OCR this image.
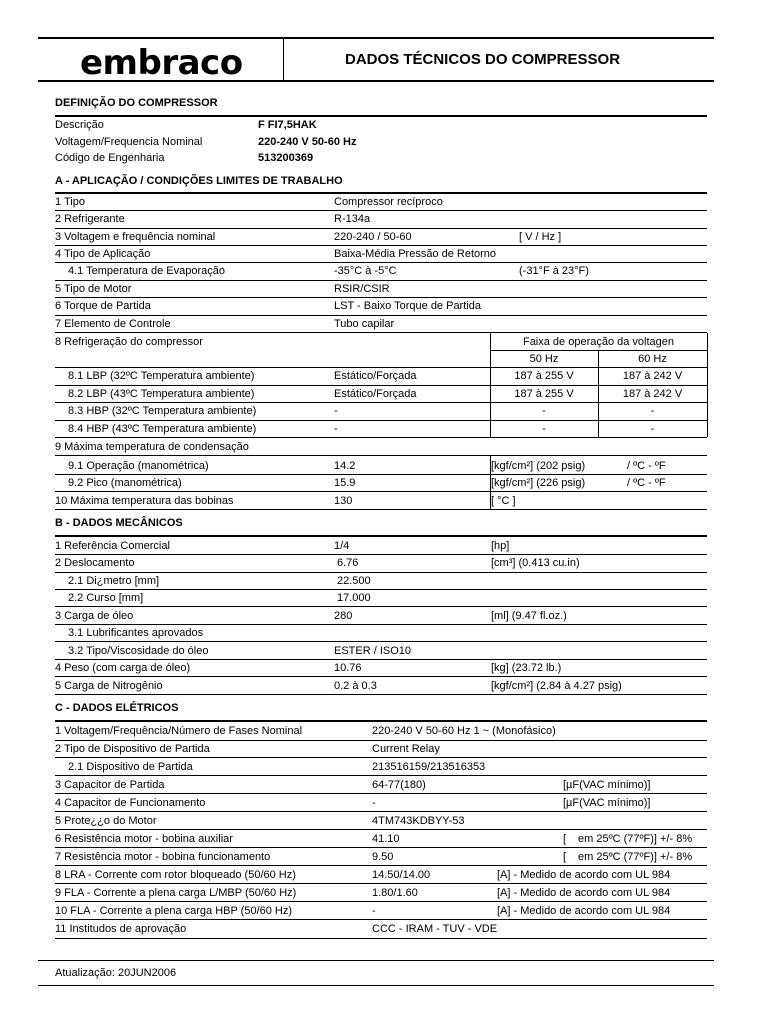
embraco	DADOS TÉCNICOS DO COMPRESSOR
DEFINIÇÃO DO COMPRESSOR
Descrição	F FI7,5HAK
Voltagem/Frequencia Nominal	220-240 V 50-60 Hz
Código de Engenharia	513200369
A - APLICAÇÃO / CONDIÇÕES LIMITES DE TRABALHO
1 Tipo	Compressor recíproco
2 Refrigerante	R-134a
3 Voltagem e frequência nominal	220-240 / 50-60	[ V / Hz ]
4 Tipo de Aplicação	Baixa-Média Pressão de Retorno
4.1 Temperatura de Evaporação	-35°C à -5°C	(-31°F à 23°F)
5 Tipo de Motor	RSIR/CSIR
6 Torque de Partida	LST - Baixo Torque de Partida
7 Elemento de Controle	Tubo capilar
8 Refrigeração do compressor	Faixa de operação da voltagen
50 Hz	60 Hz
8.1 LBP (32ºC Temperatura ambiente)	Estático/Forçada	187 à 255 V	187 à 242 V
8.2 LBP (43ºC Temperatura ambiente)	Estático/Forçada	187 à 255 V	187 à 242 V
8.3 HBP (32ºC Temperatura ambiente)	-	-	-
8.4 HBP (43ºC Temperatura ambiente)	-	-	-
9 Máxima temperatura de condensação
9.1 Operação (manométrica)	14.2	[kgf/cm²] (202 psig)	/ ºC - ºF
9.2 Pico (manométrica)	15.9	[kgf/cm²] (226 psig)	/ ºC - ºF
10 Máxima temperatura das bobinas	130	[ °C ]
B - DADOS MECÂNICOS
1 Referência Comercial	1/4	[hp]
2 Deslocamento	6.76	[cm³] (0.413 cu.in)
2.1 Di¿metro [mm]	22.500
2.2 Curso [mm]	17.000
3 Carga de óleo	280	[ml] (9.47 fl.oz.)
3.1 Lubrificantes aprovados
3.2 Tipo/Viscosidade do óleo	ESTER / ISO10
4 Peso (com carga de óleo)	10.76	[kg] (23.72 lb.)
5 Carga de Nitrogênio	0.2 à 0.3	[kgf/cm²] (2.84 à 4.27 psig)
C - DADOS ELÉTRICOS
1 Voltagem/Frequência/Número de Fases Nominal	220-240 V 50-60 Hz 1 ~ (Monofásico)
2 Tipo de Dispositivo de Partida	Current Relay
2.1 Dispositivo de Partida	213516159/213516353
3 Capacitor de Partida	64-77(180)	[µF(VAC mínimo)]
4 Capacitor de Funcionamento	-	[µF(VAC mínimo)]
5 Prote¿¿o do Motor	4TM743KDBYY-53
6 Resistência motor - bobina auxiliar	41.10	[ em 25ºC (77ºF)] +/- 8%
7 Resistência motor - bobina funcionamento	9.50	[ em 25ºC (77ºF)] +/- 8%
8 LRA - Corrente com rotor bloqueado (50/60 Hz)	14.50/14.00	[A] - Medido de acordo com UL 984
9 FLA - Corrente a plena carga L/MBP (50/60 Hz)	1.80/1.60	[A] - Medido de acordo com UL 984
10 FLA - Corrente a plena carga HBP (50/60 Hz)	-	[A] - Medido de acordo com UL 984
11 Institudos de aprovação	CCC - IRAM - TUV - VDE
Atualização: 20JUN2006
